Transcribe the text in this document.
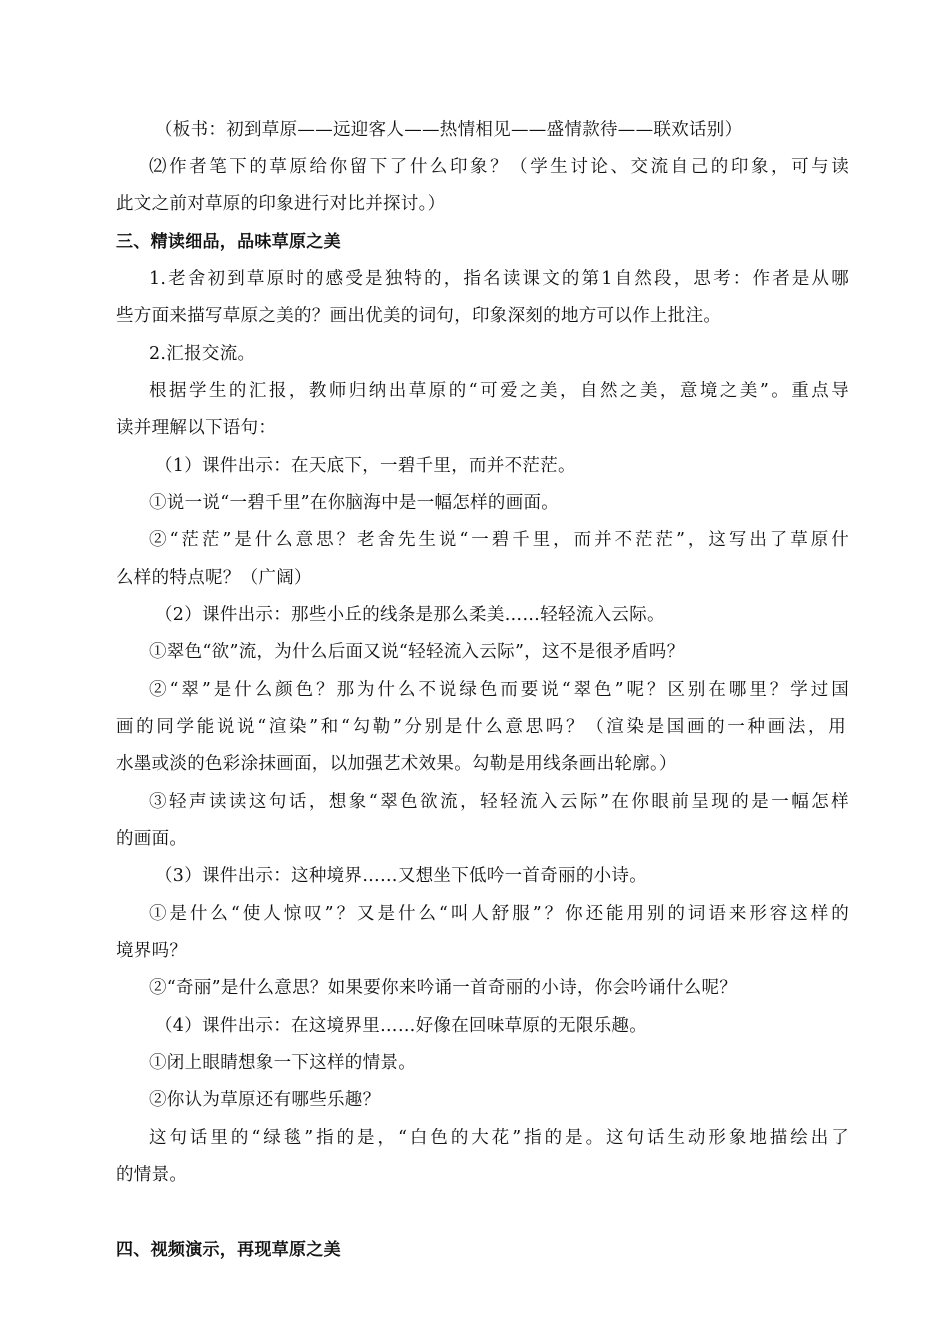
（板书：初到草原——远迎客人——热情相见——盛情款待——联欢话别）
⑵作者笔下的草原给你留下了什么印象？（学生讨论、交流自己的印象，可与读
此文之前对草原的印象进行对比并探讨。）
三、精读细品，品味草原之美
1.老舍初到草原时的感受是独特的，指名读课文的第1自然段，思考：作者是从哪
些方面来描写草原之美的？画出优美的词句，印象深刻的地方可以作上批注。
2.汇报交流。
根据学生的汇报，教师归纳出草原的“可爱之美，自然之美，意境之美”。重点导
读并理解以下语句：
（1）课件出示：在天底下，一碧千里，而并不茫茫。
①说一说“一碧千里”在你脑海中是一幅怎样的画面。
②“茫茫”是什么意思？老舍先生说“一碧千里，而并不茫茫”，这写出了草原什
么样的特点呢？（广阔）
（2）课件出示：那些小丘的线条是那么柔美……轻轻流入云际。
①翠色“欲”流，为什么后面又说“轻轻流入云际”，这不是很矛盾吗？
②“翠”是什么颜色？那为什么不说绿色而要说“翠色”呢？区别在哪里？学过国
画的同学能说说“渲染”和“勾勒”分别是什么意思吗？（渲染是国画的一种画法，用
水墨或淡的色彩涂抹画面，以加强艺术效果。勾勒是用线条画出轮廓。）
③轻声读读这句话，想象“翠色欲流，轻轻流入云际”在你眼前呈现的是一幅怎样
的画面。
（3）课件出示：这种境界……又想坐下低吟一首奇丽的小诗。
①是什么“使人惊叹”？又是什么“叫人舒服”？你还能用别的词语来形容这样的
境界吗？
②“奇丽”是什么意思？如果要你来吟诵一首奇丽的小诗，你会吟诵什么呢？
（4）课件出示：在这境界里……好像在回味草原的无限乐趣。
①闭上眼睛想象一下这样的情景。
②你认为草原还有哪些乐趣？
这句话里的“绿毯”指的是，“白色的大花”指的是。这句话生动形象地描绘出了
的情景。
四、视频演示，再现草原之美
